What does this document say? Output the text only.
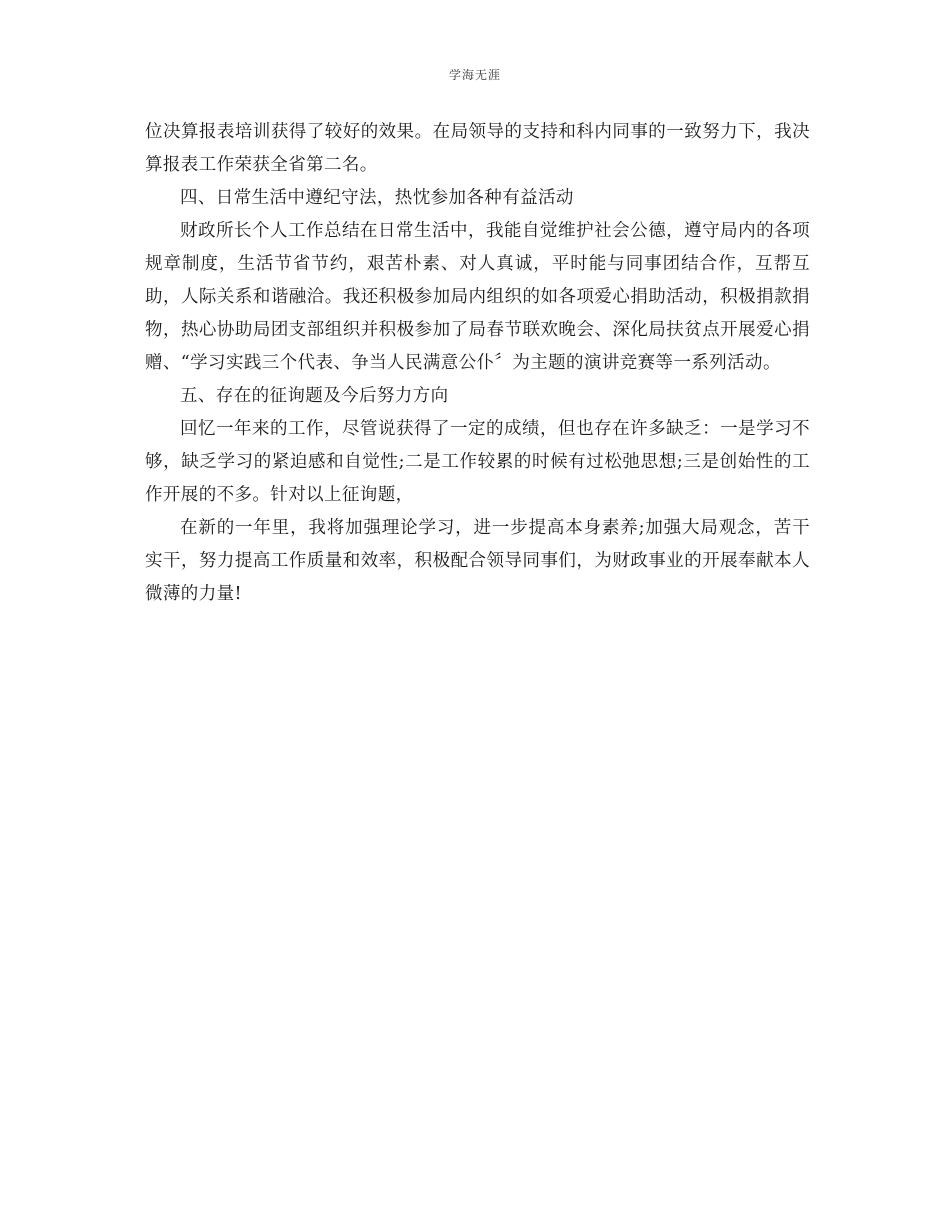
学海无涯

位决算报表培训获得了较好的效果。在局领导的支持和科内同事的一致努力下，我决算报表工作荣获全省第二名。

四、日常生活中遵纪守法，热忱参加各种有益活动

财政所长个人工作总结在日常生活中，我能自觉维护社会公德，遵守局内的各项规章制度，生活节省节约，艰苦朴素、对人真诚，平时能与同事团结合作，互帮互助，人际关系和谐融洽。我还积极参加局内组织的如各项爱心捐助活动，积极捐款捐物，热心协助局团支部组织并积极参加了局春节联欢晚会、深化局扶贫点开展爱心捐赠、“学习实践三个代表、争当人民满意公仆〞为主题的演讲竞赛等一系列活动。

五、存在的征询题及今后努力方向

回忆一年来的工作，尽管说获得了一定的成绩，但也存在许多缺乏：一是学习不够，缺乏学习的紧迫感和自觉性;二是工作较累的时候有过松弛思想;三是创始性的工作开展的不多。针对以上征询题，

在新的一年里，我将加强理论学习，进一步提高本身素养;加强大局观念，苦干实干，努力提高工作质量和效率，积极配合领导同事们，为财政事业的开展奉献本人微薄的力量!
